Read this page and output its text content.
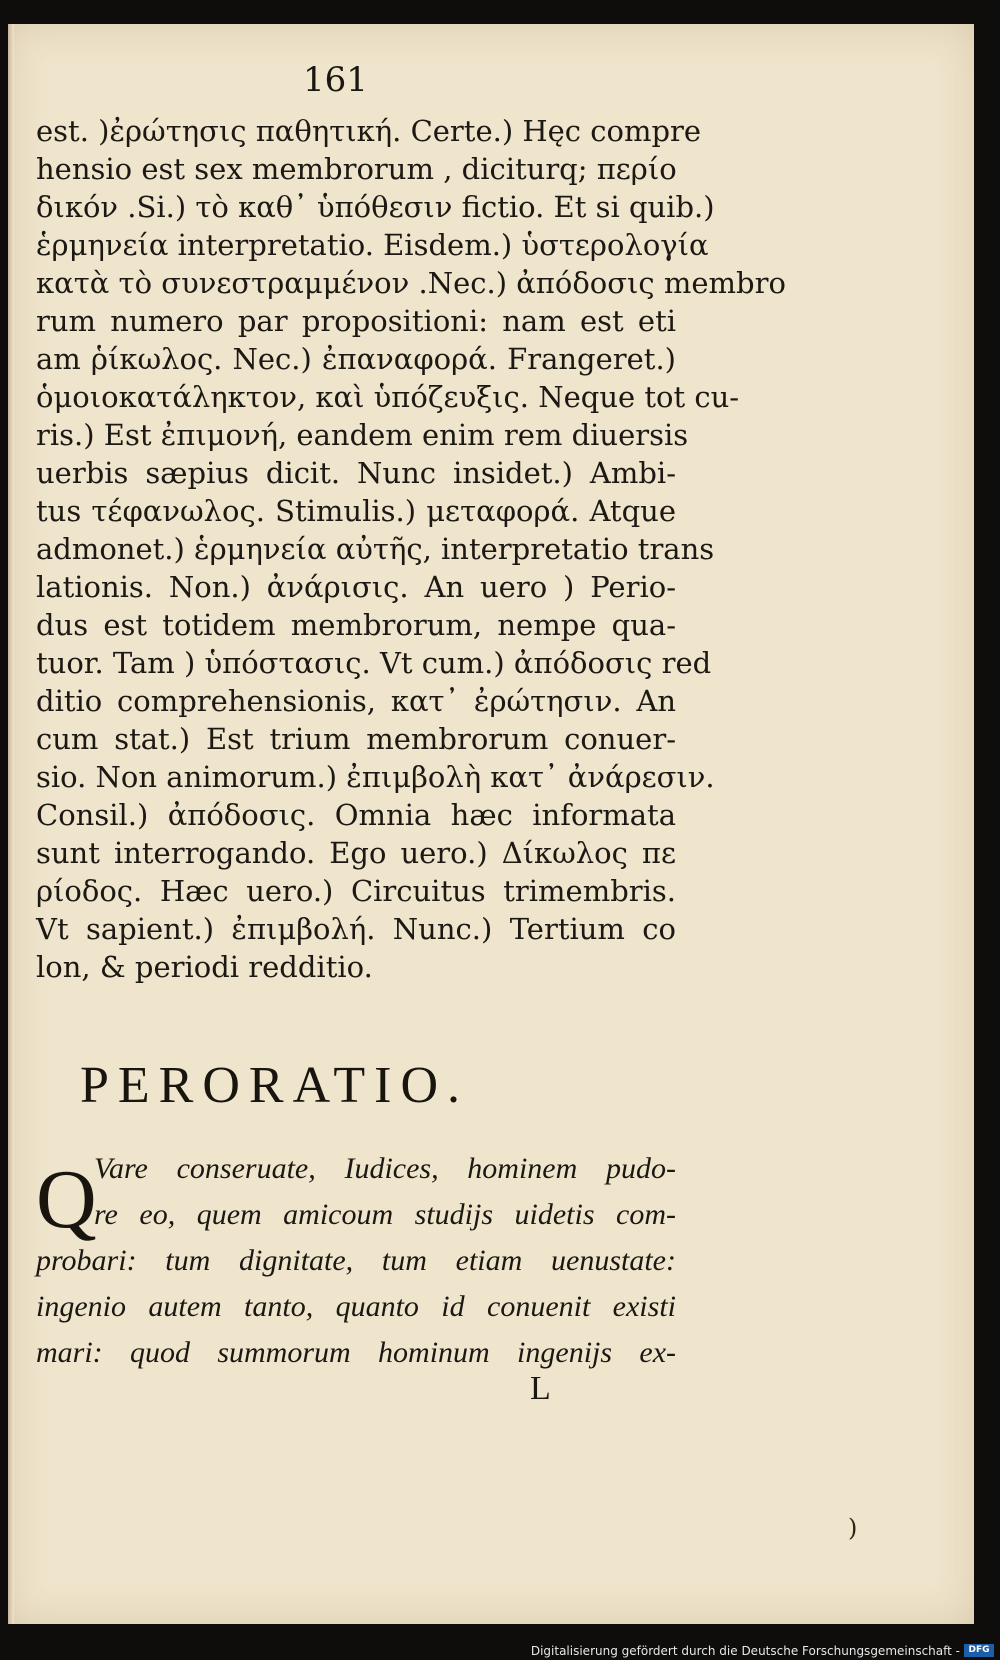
161
est. )ἐρώτησις παθητική. Certe.) Hęc compre
hensio est sex membrorum , diciturq; περίο
δικόν .Si.) τὸ καθ᾽ ὑπόθεσιν fictio. Et si quib.)
ἑρμηνεία interpretatio. Eisdem.) ὑστερολογία
κατὰ τὸ συνεστραμμένον .Nec.) ἀπόδοσις membro
rum numero par propositioni: nam est eti
am ῥίκωλος. Nec.) ἐπαναφορά. Frangeret.)
ὁμοιοκατάληκτον, καὶ ὑπόζευξις. Neque tot cu-
ris.) Est ἐπιμονή, eandem enim rem diuersis
uerbis sæpius dicit. Nunc insidet.) Ambi-
tus τέφανωλος. Stimulis.) μεταφορά. Atque
admonet.) ἑρμηνεία αὐτῆς, interpretatio trans
lationis. Non.) ἀνάρισις. An uero ) Perio-
dus est totidem membrorum, nempe qua-
tuor. Tam ) ὑπόστασις. Vt cum.) ἀπόδοσις red
ditio comprehensionis, κατ᾽ ἐρώτησιν. An
cum stat.) Est trium membrorum conuer-
sio. Non animorum.) ἐπιμβολὴ κατ᾽ ἀνάρεσιν.
Consil.) ἀπόδοσις. Omnia hæc informata
sunt interrogando. Ego uero.) Δίκωλος πε
ρίοδος. Hæc uero.) Circuitus trimembris.
Vt sapient.) ἐπιμβολή. Nunc.) Tertium co
lon, & periodi redditio.
PERORATIO.
Q
Vare conseruate, Iudices, hominem pudo-
re eo, quem amicoum studijs uidetis com-
probari: tum dignitate, tum etiam uenustate:
ingenio autem tanto, quanto id conuenit exi⁠sti
mari: quod summorum hominum ingenijs ex-
L
)
Digitalisierung gefördert durch die Deutsche Forschungsgemeinschaft - DFG
